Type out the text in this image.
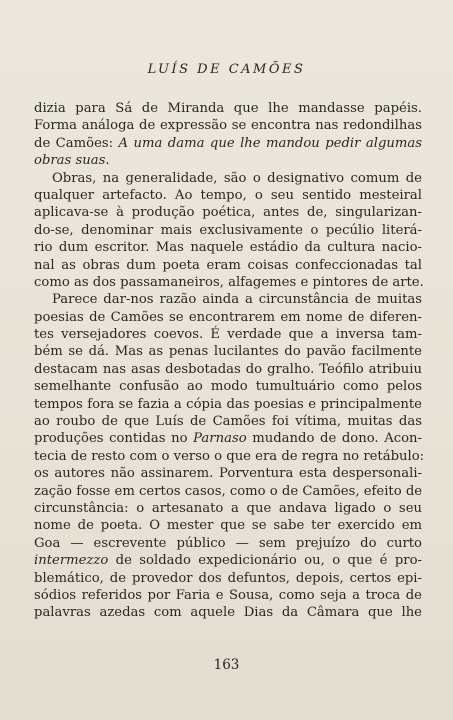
LUÍS DE CAMÕES
dizia para Sá de Miranda que lhe mandasse papéis.
Forma análoga de expressão se encontra nas redondilhas
de Camões: A uma dama que lhe mandou pedir algumas
obras suas.
Obras, na generalidade, são o designativo comum de
qualquer artefacto. Ao tempo, o seu sentido mesteiral
aplicava-se à produção poética, antes de, singularizan-
do-se, denominar mais exclusivamente o pecúlio literá-
rio dum escritor. Mas naquele estádio da cultura nacio-
nal as obras dum poeta eram coisas confeccionadas tal
como as dos passamaneiros, alfagemes e pintores de arte.
Parece dar-nos razão ainda a circunstância de muitas
poesias de Camões se encontrarem em nome de diferen-
tes versejadores coevos. É verdade que a inversa tam-
bém se dá. Mas as penas lucilantes do pavão facilmente
destacam nas asas desbotadas do gralho. Teófilo atribuiu
semelhante confusão ao modo tumultuário como pelos
tempos fora se fazia a cópia das poesias e principalmente
ao roubo de que Luís de Camões foi vítima, muitas das
produções contidas no Parnaso mudando de dono. Acon-
tecia de resto com o verso o que era de regra no retábulo:
os autores não assinarem. Porventura esta despersonali-
zação fosse em certos casos, como o de Camões, efeito de
circunstância: o artesanato a que andava ligado o seu
nome de poeta. O mester que se sabe ter exercido em
Goa — escrevente público — sem prejuízo do curto
intermezzo de soldado expedicionário ou, o que é pro-
blemático, de provedor dos defuntos, depois, certos epi-
sódios referidos por Faria e Sousa, como seja a troca de
palavras azedas com aquele Dias da Câmara que lhe
163
